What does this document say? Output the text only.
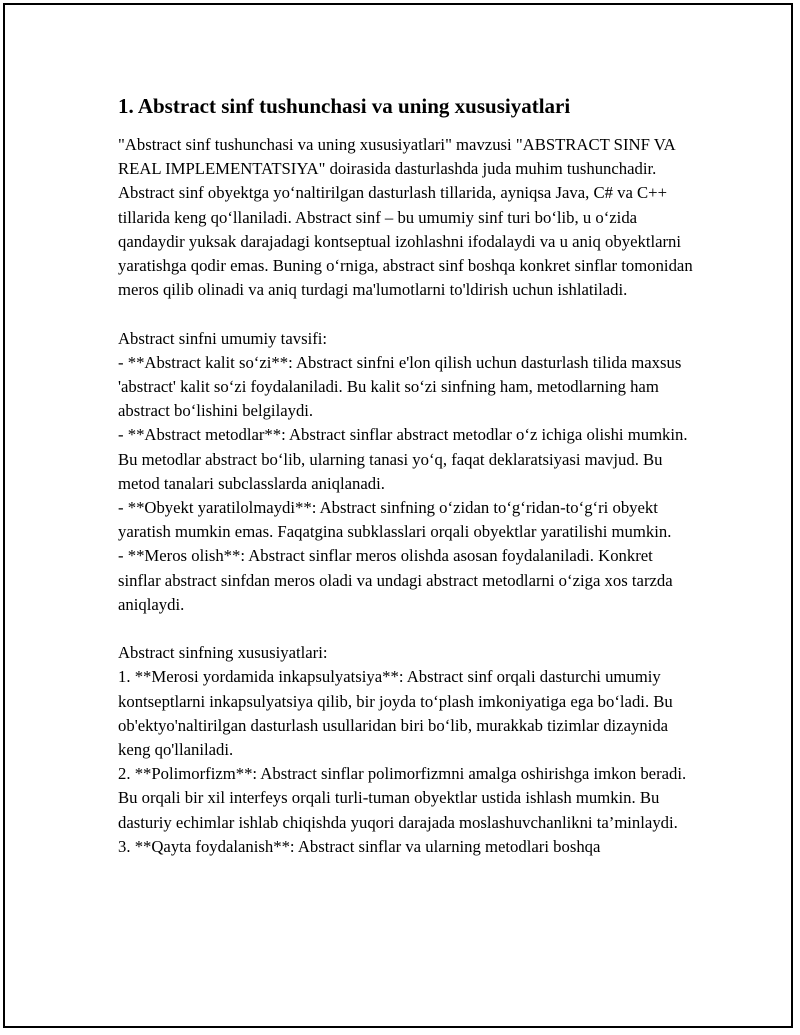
1. Abstract sinf tushunchasi va uning xususiyatlari

"Abstract sinf tushunchasi va uning xususiyatlari" mavzusi "ABSTRACT SINF VA REAL IMPLEMENTATSIYA" doirasida dasturlashda juda muhim tushunchadir. Abstract sinf obyektga yo‘naltirilgan dasturlash tillarida, ayniqsa Java, C# va C++ tillarida keng qo‘llaniladi. Abstract sinf – bu umumiy sinf turi bo‘lib, u o‘zida qandaydir yuksak darajadagi kontseptual izohlashni ifodalaydi va u aniq obyektlarni yaratishga qodir emas. Buning o‘rniga, abstract sinf boshqa konkret sinflar tomonidan meros qilib olinadi va aniq turdagi ma'lumotlarni to'ldirish uchun ishlatiladi.

Abstract sinfni umumiy tavsifi:

- **Abstract kalit so‘zi**: Abstract sinfni e'lon qilish uchun dasturlash tilida maxsus 'abstract' kalit so‘zi foydalaniladi. Bu kalit so‘zi sinfning ham, metodlarning ham abstract bo‘lishini belgilaydi.

- **Abstract metodlar**: Abstract sinflar abstract metodlar o‘z ichiga olishi mumkin. Bu metodlar abstract bo‘lib, ularning tanasi yo‘q, faqat deklaratsiyasi mavjud. Bu metod tanalari subclasslarda aniqlanadi.

- **Obyekt yaratilolmaydi**: Abstract sinfning o‘zidan to‘g‘ridan-to‘g‘ri obyekt yaratish mumkin emas. Faqatgina subklasslari orqali obyektlar yaratilishi mumkin.

- **Meros olish**: Abstract sinflar meros olishda asosan foydalaniladi. Konkret sinflar abstract sinfdan meros oladi va undagi abstract metodlarni o‘ziga xos tarzda aniqlaydi.

Abstract sinfning xususiyatlari:

1. **Merosi yordamida inkapsulyatsiya**: Abstract sinf orqali dasturchi umumiy kontseptlarni inkapsulyatsiya qilib, bir joyda to‘plash imkoniyatiga ega bo‘ladi. Bu ob'ektyo'naltirilgan dasturlash usullaridan biri bo‘lib, murakkab tizimlar dizaynida keng qo'llaniladi.

2. **Polimorfizm**: Abstract sinflar polimorfizmni amalga oshirishga imkon beradi. Bu orqali bir xil interfeys orqali turli-tuman obyektlar ustida ishlash mumkin. Bu dasturiy echimlar ishlab chiqishda yuqori darajada moslashuvchanlikni ta’minlaydi.

3. **Qayta foydalanish**: Abstract sinflar va ularning metodlari boshqa
